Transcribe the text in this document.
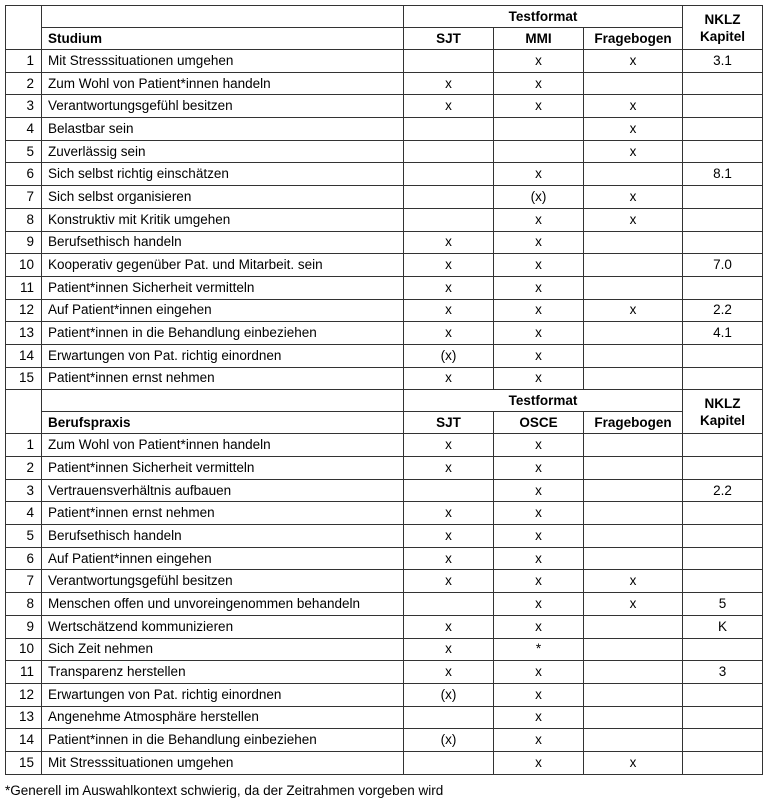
		Testformat			NKLZ
Kapitel

	Studium	SJT	MMI	Fragebogen	
1	Mit Stresssituationen umgehen		x	x	3.1
2	Zum Wohl von Patient*innen handeln	x	x		
3	Verantwortungsgefühl besitzen	x	x	x	
4	Belastbar sein			x	
5	Zuverlässig sein			x	
6	Sich selbst richtig einschätzen		x		8.1
7	Sich selbst organisieren		(x)	x	
8	Konstruktiv mit Kritik umgehen		x	x	
9	Berufsethisch handeln	x	x		
10	Kooperativ gegenüber Pat. und Mitarbeit. sein	x	x		7.0
11	Patient*innen Sicherheit vermitteln	x	x		
12	Auf Patient*innen eingehen	x	x	x	2.2
13	Patient*innen in die Behandlung einbeziehen	x	x		4.1
14	Erwartungen von Pat. richtig einordnen	(x)	x		
15	Patient*innen ernst nehmen	x	x		
		Testformat			NKLZ
Kapitel

	Berufspraxis	SJT	OSCE	Fragebogen	
1	Zum Wohl von Patient*innen handeln	x	x		
2	Patient*innen Sicherheit vermitteln	x	x		
3	Vertrauensverhältnis aufbauen		x		2.2
4	Patient*innen ernst nehmen	x	x		
5	Berufsethisch handeln	x	x		
6	Auf Patient*innen eingehen	x	x		
7	Verantwortungsgefühl besitzen	x	x	x	
8	Menschen offen und unvoreingenommen behandeln		x	x	5
9	Wertschätzend kommunizieren	x	x		K
10	Sich Zeit nehmen	x	*		
11	Transparenz herstellen	x	x		3
12	Erwartungen von Pat. richtig einordnen	(x)	x		
13	Angenehme Atmosphäre herstellen		x		
14	Patient*innen in die Behandlung einbeziehen	(x)	x		
15	Mit Stresssituationen umgehen		x	x	
*Generell im Auswahlkontext schwierig, da der Zeitrahmen vorgeben wird
